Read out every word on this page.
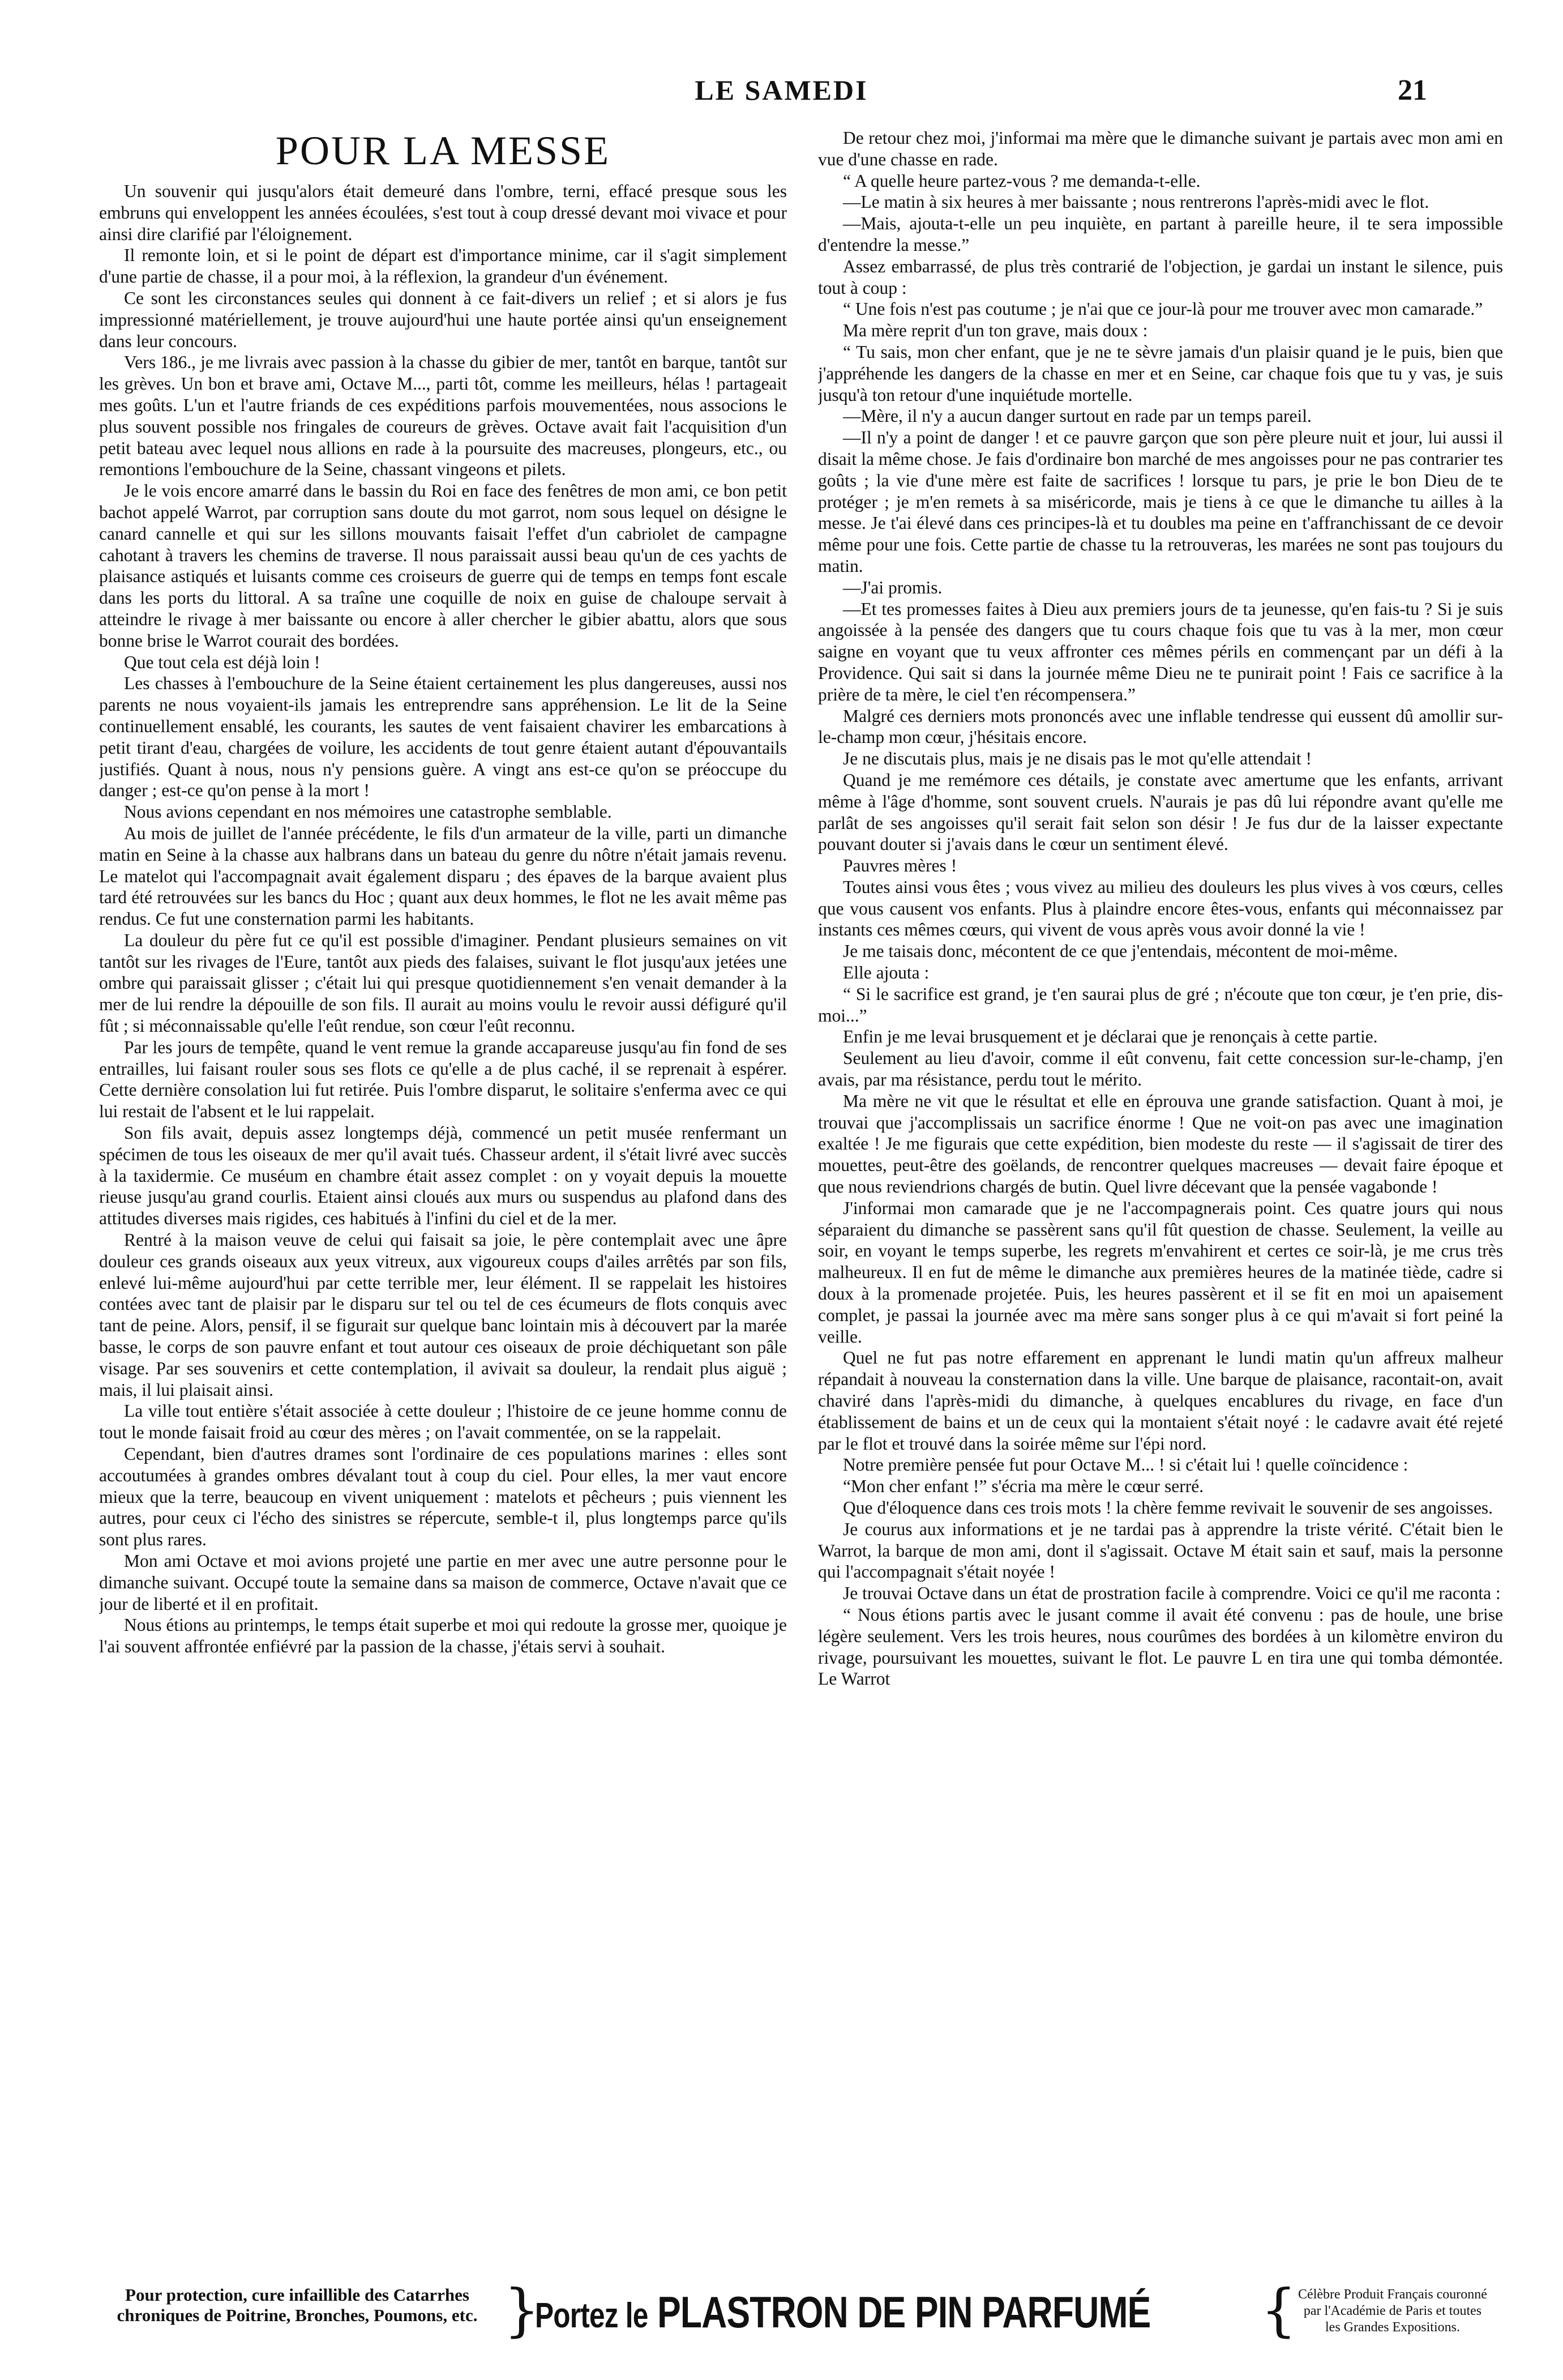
LE SAMEDI	21
POUR LA MESSE

Un souvenir qui jusqu'alors était demeuré dans l'ombre, terni, effacé presque sous les embruns qui enveloppent les années écoulées, s'est tout à coup dressé devant moi vivace et pour ainsi dire clarifié par l'éloignement.

Il remonte loin, et si le point de départ est d'importance minime, car il s'agit simplement d'une partie de chasse, il a pour moi, à la réflexion, la grandeur d'un événement.

Ce sont les circonstances seules qui donnent à ce fait-divers un relief ; et si alors je fus impressionné matériellement, je trouve aujourd'hui une haute portée ainsi qu'un enseignement dans leur concours.

Vers 186., je me livrais avec passion à la chasse du gibier de mer, tantôt en barque, tantôt sur les grèves. Un bon et brave ami, Octave M..., parti tôt, comme les meilleurs, hélas ! partageait mes goûts. L'un et l'autre friands de ces expéditions parfois mouvementées, nous associons le plus souvent possible nos fringales de coureurs de grèves. Octave avait fait l'acquisition d'un petit bateau avec lequel nous allions en rade à la poursuite des macreuses, plongeurs, etc., ou remontions l'embouchure de la Seine, chassant vingeons et pilets.

Je le vois encore amarré dans le bassin du Roi en face des fenêtres de mon ami, ce bon petit bachot appelé Warrot, par corruption sans doute du mot garrot, nom sous lequel on désigne le canard cannelle et qui sur les sillons mouvants faisait l'effet d'un cabriolet de campagne cahotant à travers les chemins de traverse. Il nous paraissait aussi beau qu'un de ces yachts de plaisance astiqués et luisants comme ces croiseurs de guerre qui de temps en temps font escale dans les ports du littoral. A sa traîne une coquille de noix en guise de chaloupe servait à atteindre le rivage à mer baissante ou encore à aller chercher le gibier abattu, alors que sous bonne brise le Warrot courait des bordées.

Que tout cela est déjà loin !

Les chasses à l'embouchure de la Seine étaient certainement les plus dangereuses, aussi nos parents ne nous voyaient-ils jamais les entreprendre sans appréhension. Le lit de la Seine continuellement ensablé, les courants, les sautes de vent faisaient chavirer les embarcations à petit tirant d'eau, chargées de voilure, les accidents de tout genre étaient autant d'épouvantails justifiés. Quant à nous, nous n'y pensions guère. A vingt ans est-ce qu'on se préoccupe du danger ; est-ce qu'on pense à la mort !

Nous avions cependant en nos mémoires une catastrophe semblable.

Au mois de juillet de l'année précédente, le fils d'un armateur de la ville, parti un dimanche matin en Seine à la chasse aux halbrans dans un bateau du genre du nôtre n'était jamais revenu. Le matelot qui l'accompagnait avait également disparu ; des épaves de la barque avaient plus tard été retrouvées sur les bancs du Hoc ; quant aux deux hommes, le flot ne les avait même pas rendus. Ce fut une consternation parmi les habitants.

La douleur du père fut ce qu'il est possible d'imaginer. Pendant plusieurs semaines on vit tantôt sur les rivages de l'Eure, tantôt aux pieds des falaises, suivant le flot jusqu'aux jetées une ombre qui paraissait glisser ; c'était lui qui presque quotidiennement s'en venait demander à la mer de lui rendre la dépouille de son fils. Il aurait au moins voulu le revoir aussi défiguré qu'il fût ; si méconnaissable qu'elle l'eût rendue, son cœur l'eût reconnu.

Par les jours de tempête, quand le vent remue la grande accapareuse jusqu'au fin fond de ses entrailles, lui faisant rouler sous ses flots ce qu'elle a de plus caché, il se reprenait à espérer. Cette dernière consolation lui fut retirée. Puis l'ombre disparut, le solitaire s'enferma avec ce qui lui restait de l'absent et le lui rappelait.

Son fils avait, depuis assez longtemps déjà, commencé un petit musée renfermant un spécimen de tous les oiseaux de mer qu'il avait tués. Chasseur ardent, il s'était livré avec succès à la taxidermie. Ce muséum en chambre était assez complet : on y voyait depuis la mouette rieuse jusqu'au grand courlis. Etaient ainsi cloués aux murs ou suspendus au plafond dans des attitudes diverses mais rigides, ces habitués à l'infini du ciel et de la mer.

Rentré à la maison veuve de celui qui faisait sa joie, le père contemplait avec une âpre douleur ces grands oiseaux aux yeux vitreux, aux vigoureux coups d'ailes arrêtés par son fils, enlevé lui-même aujourd'hui par cette terrible mer, leur élément. Il se rappelait les histoires contées avec tant de plaisir par le disparu sur tel ou tel de ces écumeurs de flots conquis avec tant de peine. Alors, pensif, il se figurait sur quelque banc lointain mis à découvert par la marée basse, le corps de son pauvre enfant et tout autour ces oiseaux de proie déchiquetant son pâle visage. Par ses souvenirs et cette contemplation, il avivait sa douleur, la rendait plus aiguë ; mais, il lui plaisait ainsi.

La ville tout entière s'était associée à cette douleur ; l'histoire de ce jeune homme connu de tout le monde faisait froid au cœur des mères ; on l'avait commentée, on se la rappelait.

Cependant, bien d'autres drames sont l'ordinaire de ces populations marines : elles sont accoutumées à grandes ombres dévalant tout à coup du ciel. Pour elles, la mer vaut encore mieux que la terre, beaucoup en vivent uniquement : matelots et pêcheurs ; puis viennent les autres, pour ceux ci l'écho des sinistres se répercute, semble-t il, plus longtemps parce qu'ils sont plus rares.

Mon ami Octave et moi avions projeté une partie en mer avec une autre personne pour le dimanche suivant. Occupé toute la semaine dans sa maison de commerce, Octave n'avait que ce jour de liberté et il en profitait.

Nous étions au printemps, le temps était superbe et moi qui redoute la grosse mer, quoique je l'ai souvent affrontée enfiévré par la passion de la chasse, j'étais servi à souhait.

De retour chez moi, j'informai ma mère que le dimanche suivant je partais avec mon ami en vue d'une chasse en rade.

“ A quelle heure partez-vous ? me demanda-t-elle.

—Le matin à six heures à mer baissante ; nous rentrerons l'après-midi avec le flot.

—Mais, ajouta-t-elle un peu inquiète, en partant à pareille heure, il te sera impossible d'entendre la messe.”

Assez embarrassé, de plus très contrarié de l'objection, je gardai un instant le silence, puis tout à coup :

“ Une fois n'est pas coutume ; je n'ai que ce jour-là pour me trouver avec mon camarade.”

Ma mère reprit d'un ton grave, mais doux :

“ Tu sais, mon cher enfant, que je ne te sèvre jamais d'un plaisir quand je le puis, bien que j'appréhende les dangers de la chasse en mer et en Seine, car chaque fois que tu y vas, je suis jusqu'à ton retour d'une inquiétude mortelle.

—Mère, il n'y a aucun danger surtout en rade par un temps pareil.

—Il n'y a point de danger ! et ce pauvre garçon que son père pleure nuit et jour, lui aussi il disait la même chose. Je fais d'ordinaire bon marché de mes angoisses pour ne pas contrarier tes goûts ; la vie d'une mère est faite de sacrifices ! lorsque tu pars, je prie le bon Dieu de te protéger ; je m'en remets à sa miséricorde, mais je tiens à ce que le dimanche tu ailles à la messe. Je t'ai élevé dans ces principes-là et tu doubles ma peine en t'affranchissant de ce devoir même pour une fois. Cette partie de chasse tu la retrouveras, les marées ne sont pas toujours du matin.

—J'ai promis.

—Et tes promesses faites à Dieu aux premiers jours de ta jeunesse, qu'en fais-tu ? Si je suis angoissée à la pensée des dangers que tu cours chaque fois que tu vas à la mer, mon cœur saigne en voyant que tu veux affronter ces mêmes périls en commençant par un défi à la Providence. Qui sait si dans la journée même Dieu ne te punirait point ! Fais ce sacrifice à la prière de ta mère, le ciel t'en récompensera.”

Malgré ces derniers mots prononcés avec une inflable tendresse qui eussent dû amollir sur-le-champ mon cœur, j'hésitais encore.

Je ne discutais plus, mais je ne disais pas le mot qu'elle attendait !

Quand je me remémore ces détails, je constate avec amertume que les enfants, arrivant même à l'âge d'homme, sont souvent cruels. N'aurais je pas dû lui répondre avant qu'elle me parlât de ses angoisses qu'il serait fait selon son désir ! Je fus dur de la laisser expectante pouvant douter si j'avais dans le cœur un sentiment élevé.

Pauvres mères !

Toutes ainsi vous êtes ; vous vivez au milieu des douleurs les plus vives à vos cœurs, celles que vous causent vos enfants. Plus à plaindre encore êtes-vous, enfants qui méconnaissez par instants ces mêmes cœurs, qui vivent de vous après vous avoir donné la vie !

Je me taisais donc, mécontent de ce que j'entendais, mécontent de moi-même.

Elle ajouta :

“ Si le sacrifice est grand, je t'en saurai plus de gré ; n'écoute que ton cœur, je t'en prie, dis-moi...”

Enfin je me levai brusquement et je déclarai que je renonçais à cette partie.

Seulement au lieu d'avoir, comme il eût convenu, fait cette concession sur-le-champ, j'en avais, par ma résistance, perdu tout le mérito.

Ma mère ne vit que le résultat et elle en éprouva une grande satisfaction. Quant à moi, je trouvai que j'accomplissais un sacrifice énorme ! Que ne voit-on pas avec une imagination exaltée ! Je me figurais que cette expédition, bien modeste du reste — il s'agissait de tirer des mouettes, peut-être des goëlands, de rencontrer quelques macreuses — devait faire époque et que nous reviendrions chargés de butin. Quel livre décevant que la pensée vagabonde !

J'informai mon camarade que je ne l'accompagnerais point. Ces quatre jours qui nous séparaient du dimanche se passèrent sans qu'il fût question de chasse. Seulement, la veille au soir, en voyant le temps superbe, les regrets m'envahirent et certes ce soir-là, je me crus très malheureux. Il en fut de même le dimanche aux premières heures de la matinée tiède, cadre si doux à la promenade projetée. Puis, les heures passèrent et il se fit en moi un apaisement complet, je passai la journée avec ma mère sans songer plus à ce qui m'avait si fort peiné la veille.

Quel ne fut pas notre effarement en apprenant le lundi matin qu'un affreux malheur répandait à nouveau la consternation dans la ville. Une barque de plaisance, racontait-on, avait chaviré dans l'après-midi du dimanche, à quelques encablures du rivage, en face d'un établissement de bains et un de ceux qui la montaient s'était noyé : le cadavre avait été rejeté par le flot et trouvé dans la soirée même sur l'épi nord.

Notre première pensée fut pour Octave M... ! si c'était lui ! quelle coïncidence :

“Mon cher enfant !” s'écria ma mère le cœur serré.

Que d'éloquence dans ces trois mots ! la chère femme revivait le souvenir de ses angoisses.

Je courus aux informations et je ne tardai pas à apprendre la triste vérité. C'était bien le Warrot, la barque de mon ami, dont il s'agissait. Octave M était sain et sauf, mais la personne qui l'accompagnait s'était noyée !

Je trouvai Octave dans un état de prostration facile à comprendre. Voici ce qu'il me raconta :

“ Nous étions partis avec le jusant comme il avait été convenu : pas de houle, une brise légère seulement. Vers les trois heures, nous courûmes des bordées à un kilomètre environ du rivage, poursuivant les mouettes, suivant le flot. Le pauvre L en tira une qui tomba démontée. Le Warrot

Pour protection, cure infaillible des Catarrhes
chroniques de Poitrine, Bronches, Poumons, etc. }
Portez le PLASTRON DE PIN PARFUMÉ { Célèbre Produit Français couronné
par l'Académie de Paris et toutes
les Grandes Expositions.
